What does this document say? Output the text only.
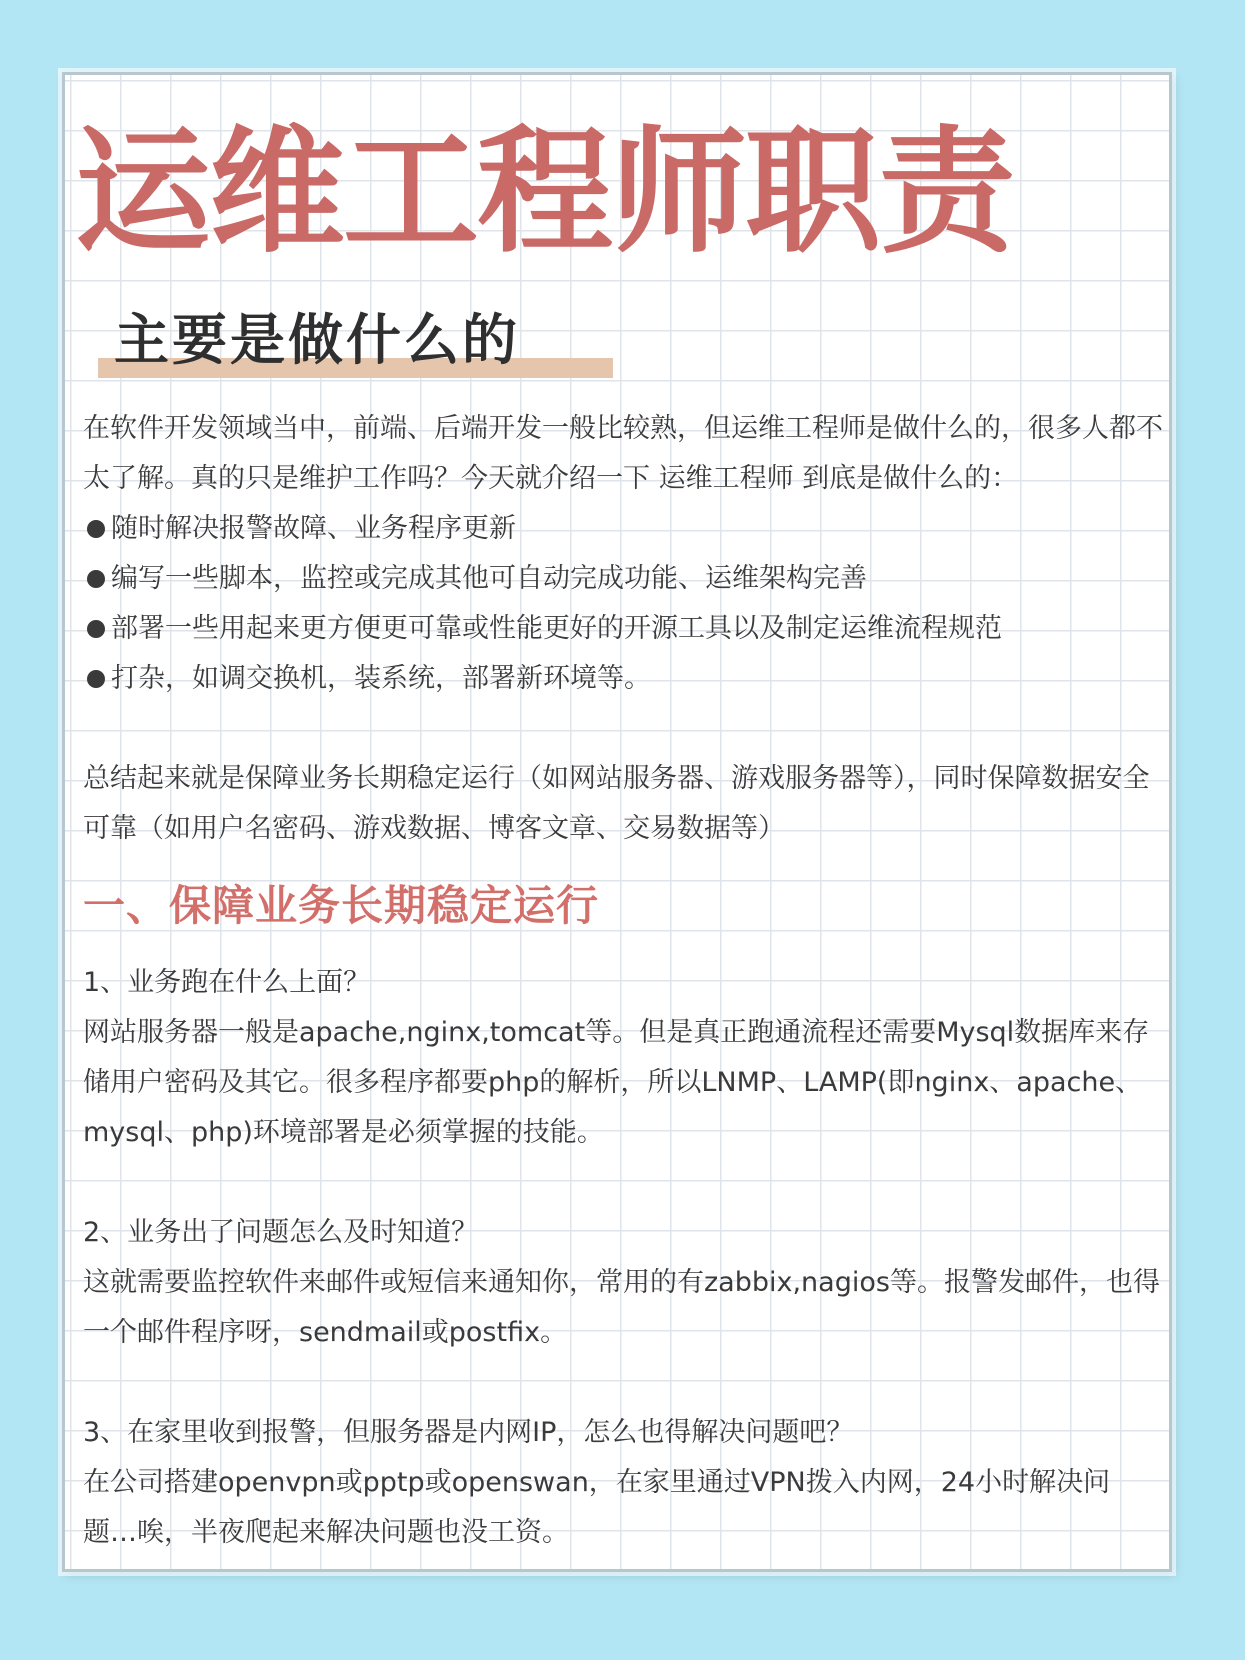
运维工程师职责
主要是做什么的
在软件开发领域当中，前端、后端开发一般比较熟，但运维工程师是做什么的，很多人都不太了解。真的只是维护工作吗？今天就介绍一下 运维工程师 到底是做什么的：
随时解决报警故障、业务程序更新
编写一些脚本，监控或完成其他可自动完成功能、运维架构完善
部署一些用起来更方便更可靠或性能更好的开源工具以及制定运维流程规范
打杂，如调交换机，装系统，部署新环境等。
总结起来就是保障业务长期稳定运行（如网站服务器、游戏服务器等），同时保障数据安全可靠（如用户名密码、游戏数据、博客文章、交易数据等）
一、保障业务长期稳定运行
1、业务跑在什么上面？
网站服务器一般是apache,nginx,tomcat等。但是真正跑通流程还需要Mysql数据库来存储用户密码及其它。很多程序都要php的解析，所以LNMP、LAMP(即nginx、apache、mysql、php)环境部署是必须掌握的技能。
2、业务出了问题怎么及时知道？
这就需要监控软件来邮件或短信来通知你，常用的有zabbix,nagios等。报警发邮件，也得一个邮件程序呀，sendmail或postfix。
3、在家里收到报警，但服务器是内网IP，怎么也得解决问题吧？
在公司搭建openvpn或pptp或openswan，在家里通过VPN拨入内网，24小时解决问题…唉，半夜爬起来解决问题也没工资。
